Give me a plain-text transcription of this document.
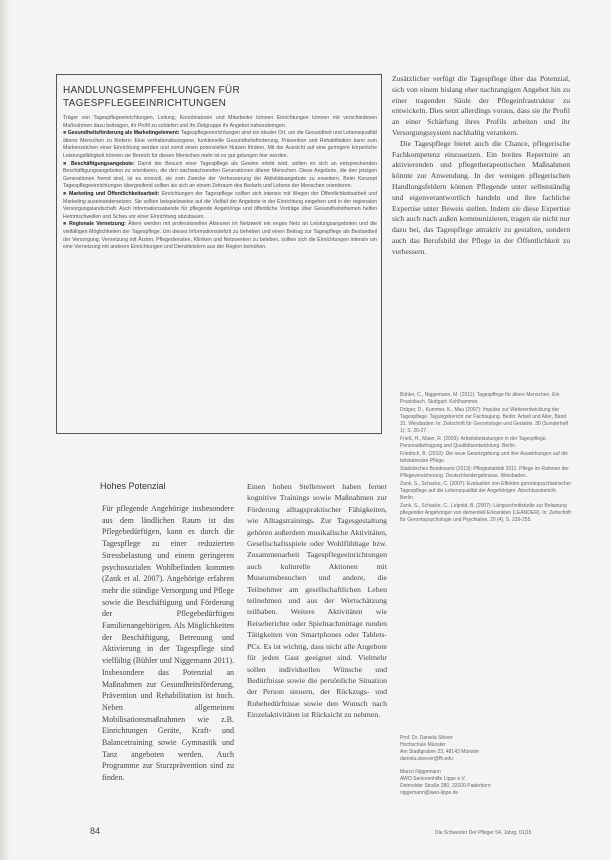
HANDLUNGSEMPFEHLUNGEN FÜR
TAGESPFLEGEEINRICHTUNGEN

Träger von Tagespflegeeinrichtungen, Leitung, Koordinatoren und Mitarbeiter können Einrichtungen können mit verschiedenen Maßnahmen dazu beitragen, ihr Profil zu schärfen und ihr Zielgruppe ihr Angebot nahezubringen.

■ Gesundheitsförderung als Marketingelement: Tagespflegeeinrichtungen sind ein idealer Ort, um die Gesundheit und Lebensqualität älterer Menschen zu fördern: Eine verhaltensbezogene, funktionelle Gesundheitsförderung, Prävention und Rehabilitation kann zum Markenzeichen einer Einrichtung werden und somit einen potenziellen Nutzen fördern. Mit der Aussicht auf eine geringere körperliche Leistungsfähigkeit können sie Bereich für diesen Menschen mehr ist es gut gelungen hier werden.

■ Beschäftigungsangebote: Damit der Besuch einer Tagespflege als Gewinn erlebt wird, sollten es sich an entsprechenden Beschäftigungsangeboten zu orientieren, die den nachwachsenden Generationen älterer Menschen. Diese Angebote, die den jetzigen Generationen fremd sind, ist es sinnvoll, sie zum Zwecke der Verbesserung der Aktivitätsangebote zu erweitern. Beim Konzept Tagespflegeeinrichtungen übergreifend sollten sie sich an einem Zeitraum des Bedarfs und Lebens der Menschen orientieren.

■ Marketing und Öffentlichkeitsarbeit: Einrichtungen der Tagespflege sollten sich intensiv mit Wegen der Öffentlichkeitsarbeit und Marketing auseinandersetzen. Sie sollten beispielsweise auf die Vielfalt der Angebote in der Einrichtung eingehen und in der regionalen Versorgungslandschaft. Auch Informationsabende für pflegende Angehörige und öffentliche Vorträge über Gesundheitsthemen helfen Hemmschwellen und Scheu vor einer Einrichtung abzubauen.

■ Regionale Vernetzung: Ältere werden mit professionellen Akteuren im Netzwerk ein enges Netz an Leistungsangeboten und die vielfältigen Möglichkeiten der Tagespflege. Um dieses Informationsdefizit zu beheben und einen Beitrag zur Tagespflege als Bestandteil der Versorgung, Vernetzung mit Ärzten, Pflegediensten, Kliniken und Netzwerken zu beleben, sollten sich die Einrichtungen intensiv um eine Vernetzung mit anderen Einrichtungen und Dienstleistern aus der Region bemühen.

Zusätzlicher verfügt die Tagespflege über das Potenzial, sich von einem bislang eher nachrangigen Angebot hin zu einer tragenden Säule der Pflegeinfrastruktur zu entwickeln. Dies setzt allerdings voraus, dass sie ihr Profil an einer Schärfung ihres Profils arbeiten und ihr Versorgungssystem nachhaltig verankern.

Die Tagespflege bietet auch die Chance, pflegerische Fachkompetenz einzusetzen. Ein breites Repertoire an aktivierenden und pflegetherapeutischen Maßnahmen könnte zur Anwendung. In der wenigen pflegerischen Handlungsfeldern können Pflegende unter selbstständig und eigenverantwortlich handeln und ihre fachliche Expertise unter Beweis stellen. Indem sie diese Expertise sich auch nach außen kommunizieren, tragen sie nicht nur dazu bei, das Tagespflege attraktiv zu gestalten, sondern auch das Berufsbild der Pflege in der Öffentlichkeit zu verbessern.

Hohes Potenzial
Für pflegende Angehörige insbesondere aus dem ländlichen Raum ist das Pflegebedürftigen, kann es durch die Tagespflege zu einer reduzierten Stressbelastung und einem geringeren psychosozialen Wohlbefinden kommen (Zank et al. 2007). Angehörige erfahren mehr die ständige Versorgung und Pflege sowie die Beschäftigung und Förderung der Pflegebedürftigen Familienangehörigen. Als Möglichkeiten der Beschäftigung, Betreuung und Aktivierung in der Tagespflege sind vielfältig (Bühler und Niggemann 2011). Insbesondere das Potenzial an Maßnahmen zur Gesundheitsförderung, Prävention und Rehabilitation ist hoch. Neben allgemeinen Mobilisationsmaßnahmen wie z.B. Einrichtungen Geräte, Kraft- und Balancetraining sowie Gymnastik und Tanz angeboten werden. Auch Programme zur Sturzprävention sind zu finden.
Einen hohen Stellenwert haben ferner kognitive Trainings sowie Maßnahmen zur Förderung alltagspraktischer Fähigkeiten, wie Alltagstrainings. Zur Tagesgestaltung gehören außerdem musikalische Aktivitäten, Gesellschaftsspiele oder Wohlfühltage bzw. Zusammenarbeit Tagespflegeeinrichtungen auch kulturelle Aktionen mit Museumsbesuchen und andere, die Teilnehmer am gesellschaftlichen Leben teilnehmen und aus der Wertschätzung teilhaben. Weitere Aktivitäten wie Reiseberichte oder Spielnachmittage runden Tätigkeiten von Smartphones oder Tablets-PCs. Es ist wichtig, dass nicht alle Angebote für jeden Gast geeignet sind. Vielmehr sollen individuellen Wünsche und Bedürfnisse sowie die persönliche Situation der Person steuern, der Rückzugs- und Ruhebedürfnisse sowie den Wunsch nach Einzelaktivitäten ist Rücksicht zu nehmen.

Bühler, C., Niggemann, M. (2011): Tagespflege für ältere Menschen. Ein Praxisbuch. Stuttgart: Kohlhammer.

Dräger, D., Kummer, K., Mau (2007): Impulse zur Weiterentwicklung der Tagespflege. Tagungsbericht zur Fachtagung. Berlin: Arbeit und Alter, Band 31. Wiesbaden: In: Zeitschrift für Gerontologie und Geriatrie. 30 (Sonderheft 1): S. 20-27.

Frieß, H., Maier, R. (2003): Arbeitsbelastungen in der Tagespflege. Personalbefragung und Qualitätsentwicklung. Berlin.

Friedrich, B. (2010): Die neue Gesetzgebung und ihre Auswirkungen auf die teilstationäre Pflege.

Statistisches Bundesamt (2013): Pflegestatistik 2011. Pflege im Rahmen der Pflegeversicherung. Deutschlandergebnisse. Wiesbaden.

Zank, S., Schacke, C. (2007): Evaluation von Effekten gerontopsychiatrischer Tagespflege auf die Lebensqualität der Angehörigen. Abschlussbericht. Berlin.

Zank, S., Schacke, C., Leipold, B. (2007): Längsschnittstudie zur Belastung pflegender Angehöriger von dementiell Erkrankten (LEANDER). In: Zeitschrift für Gerontopsychologie und Psychiatrie, 20 (4), S. 239-255.

Prof. Dr. Daniela Stöver
Hochschule Münster
Am Stadtgraben 23, 48143 Münster
daniela.stoever@fh.edu

Marco Niggemann
AWO Seniorenhilfe Lippe e.V.
Detmolder Straße 280, 33100 Paderborn
niggemann@awo-lippe.de

84	Die Schwester Der Pfleger 54. Jahrg. 01|15
